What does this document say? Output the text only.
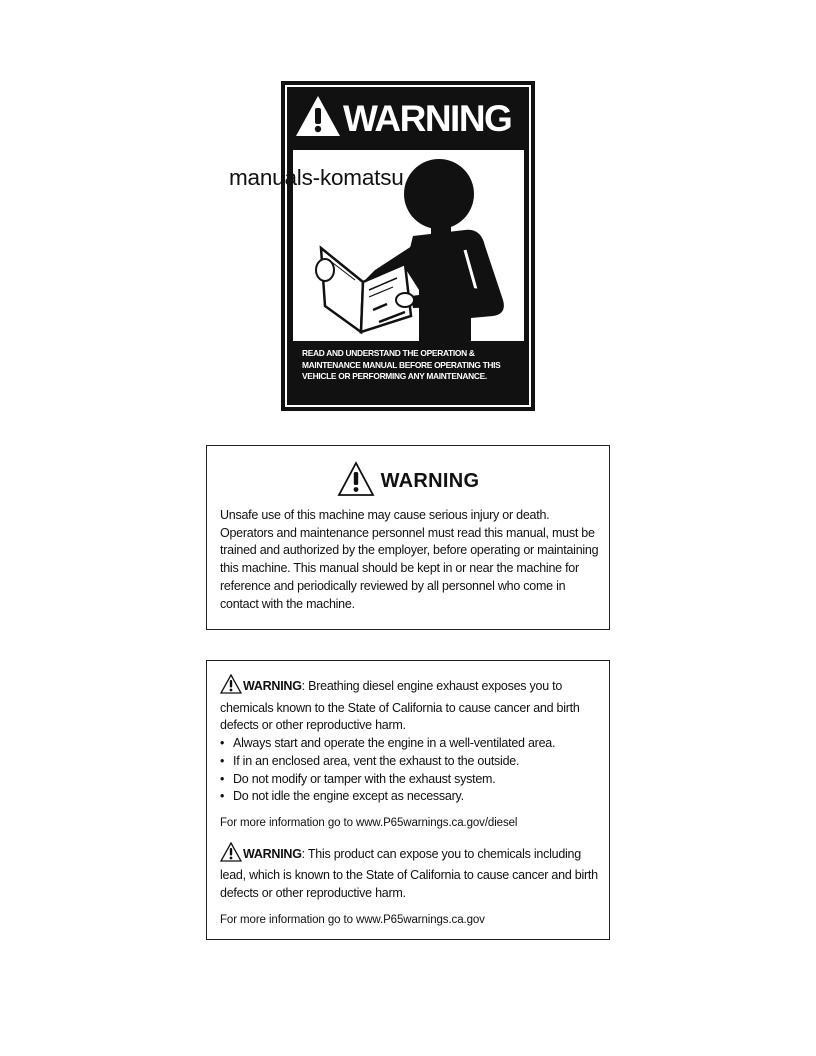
WARNING
READ AND UNDERSTAND THE OPERATION & MAINTENANCE MANUAL BEFORE OPERATING THIS VEHICLE OR PERFORMING ANY MAINTENANCE.
manuals-komatsu.com
WARNING
Unsafe use of this machine may cause serious injury or death. Operators and maintenance personnel must read this manual, must be trained and authorized by the employer, before operating or maintaining this machine. This manual should be kept in or near the machine for reference and periodically reviewed by all personnel who come in contact with the machine.
WARNING: Breathing diesel engine exhaust exposes you to chemicals known to the State of California to cause cancer and birth defects or other reproductive harm.
• Always start and operate the engine in a well-ventilated area.
• If in an enclosed area, vent the exhaust to the outside.
• Do not modify or tamper with the exhaust system.
• Do not idle the engine except as necessary.
For more information go to www.P65warnings.ca.gov/diesel
WARNING: This product can expose you to chemicals including lead, which is known to the State of California to cause cancer and birth defects or other reproductive harm.
For more information go to www.P65warnings.ca.gov
